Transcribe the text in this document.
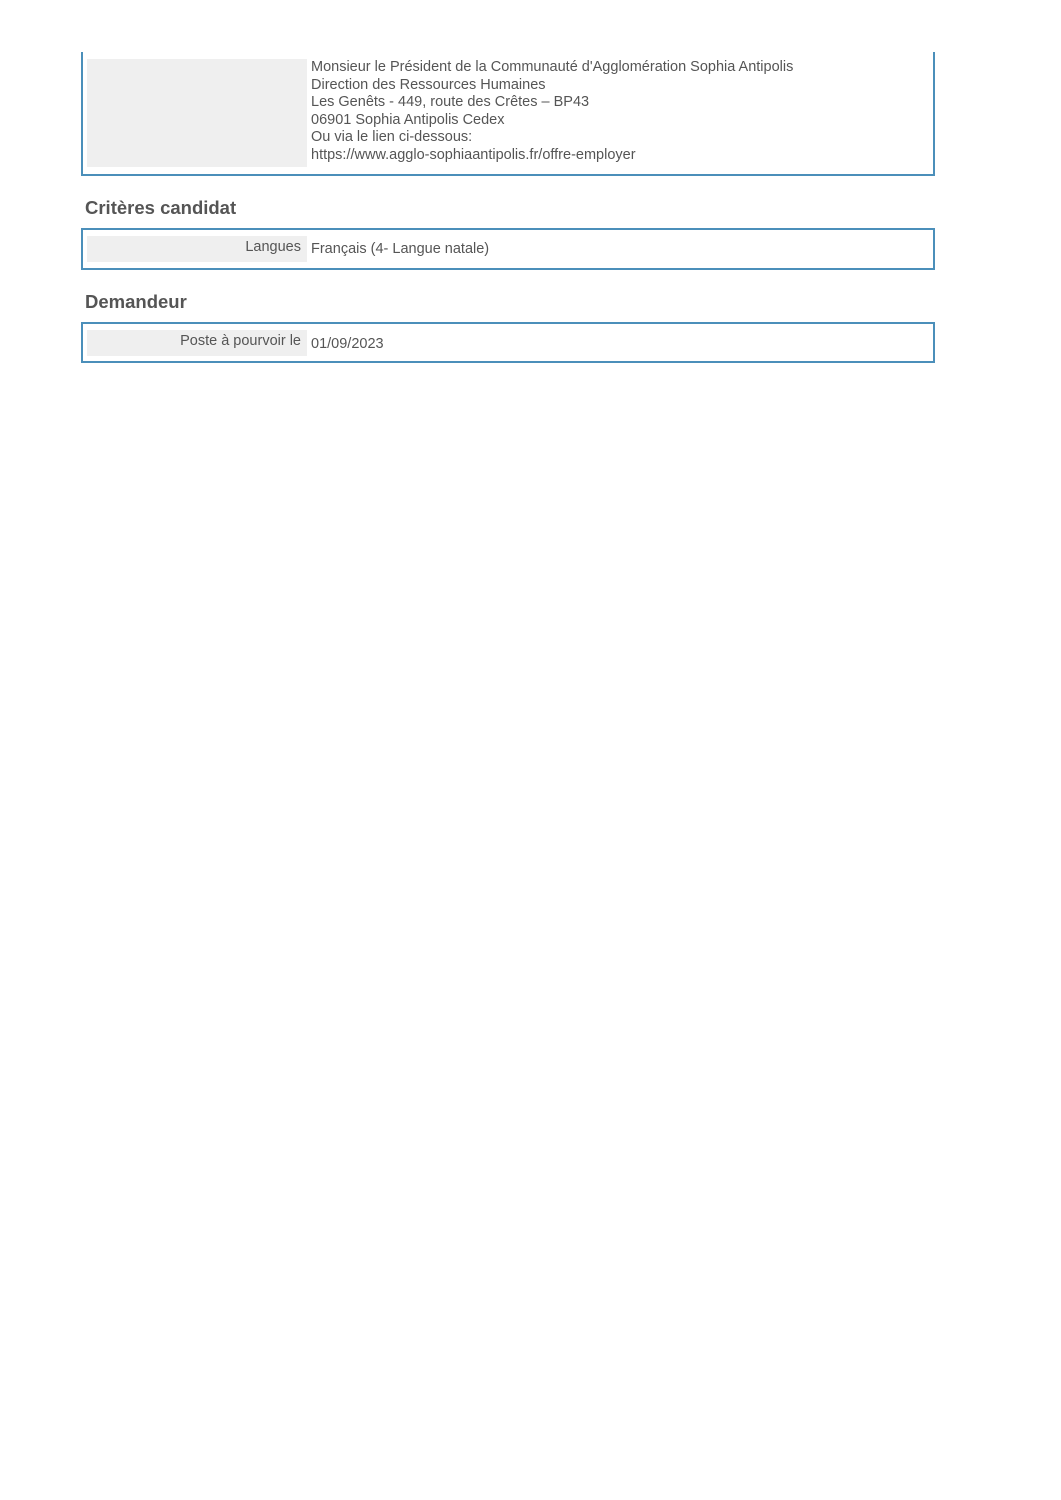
Monsieur le Président de la Communauté d'Agglomération Sophia Antipolis
Direction des Ressources Humaines
Les Genêts - 449, route des Crêtes – BP43
06901 Sophia Antipolis Cedex
Ou via le lien ci-dessous:
https://www.agglo-sophiaantipolis.fr/offre-employer
Critères candidat
Langues Français (4- Langue natale)
Demandeur
Poste à pourvoir le 01/09/2023
